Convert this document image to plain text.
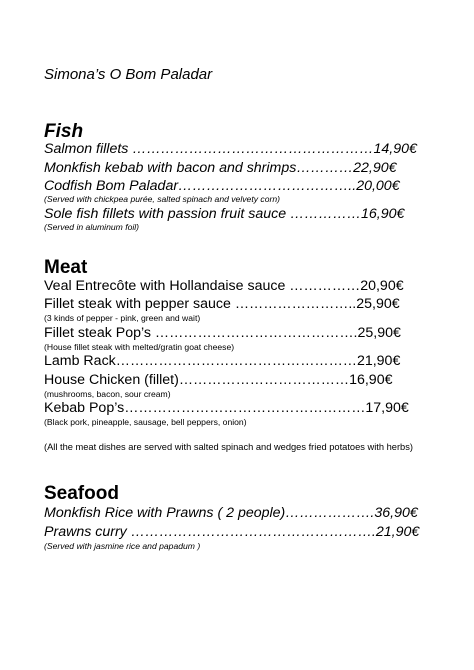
Simona’s O Bom Paladar
Fish
Salmon fillets ……………………………………………14,90€
Monkfish kebab with bacon and shrimps…………22,90€
Codfish Bom Paladar………………………………..20,00€
(Served with chickpea purée, salted spinach and velvety corn)
Sole fish fillets with passion fruit sauce ……………16,90€
(Served in aluminum foil)
Meat
Veal Entrecôte with Hollandaise sauce ……………20,90€
Fillet steak with pepper sauce ……………………..25,90€
(3 kinds of pepper - pink, green and wait)
Fillet steak Pop’s …………………………………….25,90€
(House fillet steak with melted/gratin goat cheese)
Lamb Rack……………………………………………21,90€
House Chicken (fillet)………………………………16,90€
(mushrooms, bacon, sour cream)
Kebab Pop’s……………………………………………17,90€
(Black pork, pineapple, sausage, bell peppers, onion)
(All the meat dishes are served with salted spinach and wedges fried potatoes with herbs)
Seafood
Monkfish Rice with Prawns ( 2 people)……………….36,90€
Prawns curry …………………………………………….21,90€
(Served with jasmine rice and papadum )
